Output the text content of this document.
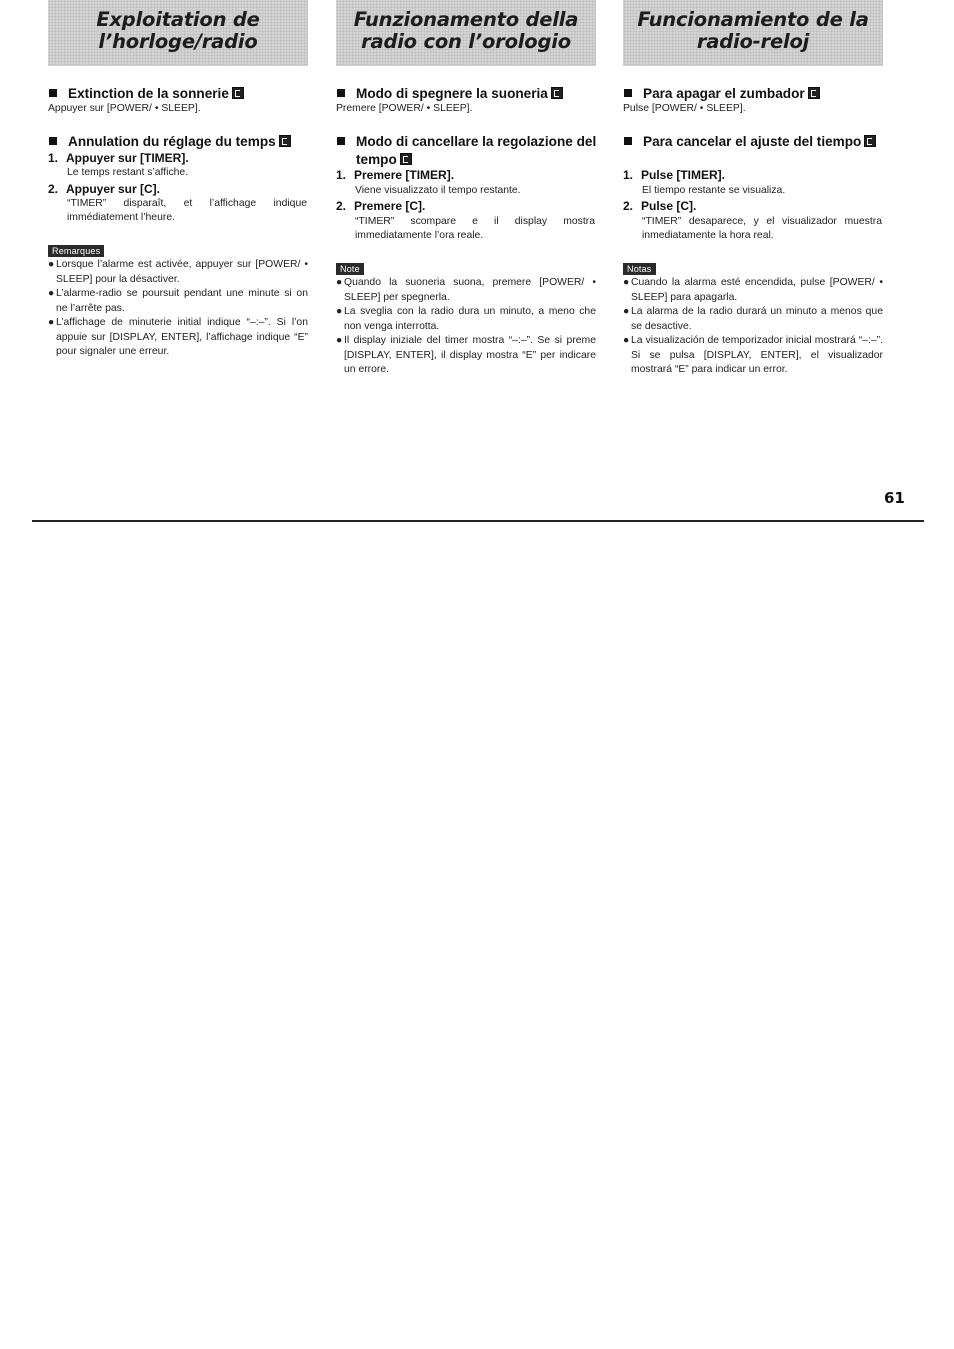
Exploitation de
l’horloge/radio
Extinction de la sonnerie
Appuyer sur [POWER/ • SLEEP].
Annulation du réglage du temps
1. Appuyer sur [TIMER].
Le temps restant s’affiche.
2. Appuyer sur [C].
“TIMER” disparaît, et l’affichage indique immédiatement l’heure.
Remarques
● Lorsque l’alarme est activée, appuyer sur [POWER/ • SLEEP] pour la désactiver.
● L’alarme-radio se poursuit pendant une minute si on ne l’arrête pas.
● L’affichage de minuterie initial indique “–:–”. Si l’on appuie sur [DISPLAY, ENTER], l’affichage indique “E” pour signaler une erreur.
Funzionamento della
radio con l’orologio
Modo di spegnere la suoneria
Premere [POWER/ • SLEEP].
Modo di cancellare la regolazione del tempo
1. Premere [TIMER].
Viene visualizzato il tempo restante.
2. Premere [C].
“TIMER” scompare e il display mostra immediatamente l’ora reale.
Note
● Quando la suoneria suona, premere [POWER/ • SLEEP] per spegnerla.
● La sveglia con la radio dura un minuto, a meno che non venga interrotta.
● Il display iniziale del timer mostra “–:–”. Se si preme [DISPLAY, ENTER], il display mostra “E” per indicare un errore.
Funcionamiento de la
radio-reloj
Para apagar el zumbador
Pulse [POWER/ • SLEEP].
Para cancelar el ajuste del tiempo
1. Pulse [TIMER].
El tiempo restante se visualiza.
2. Pulse [C].
“TIMER” desaparece, y el visualizador muestra inmediatamente la hora real.
Notas
● Cuando la alarma esté encendida, pulse [POWER/ • SLEEP] para apagarla.
● La alarma de la radio durará un minuto a menos que se desactive.
● La visualización de temporizador inicial mostrará “–:–”. Si se pulsa [DISPLAY, ENTER], el visualizador mostrará “E” para indicar un error.
61
